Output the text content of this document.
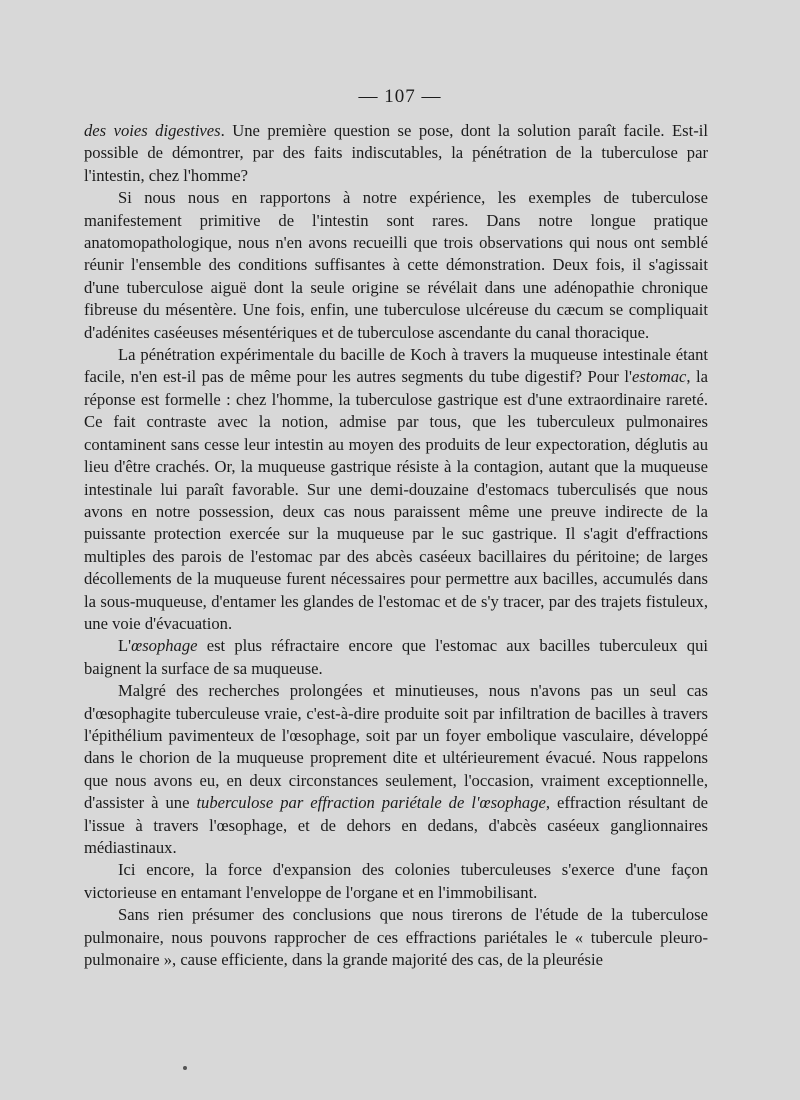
— 107 —

des voies digestives. Une première question se pose, dont la solution paraît facile. Est-il possible de démontrer, par des faits indiscutables, la pénétration de la tuberculose par l'intestin, chez l'homme?

Si nous nous en rapportons à notre expérience, les exemples de tuberculose manifestement primitive de l'intestin sont rares. Dans notre longue pratique anatomopathologique, nous n'en avons recueilli que trois observations qui nous ont semblé réunir l'ensemble des conditions suffisantes à cette démonstration. Deux fois, il s'agissait d'une tuberculose aiguë dont la seule origine se révélait dans une adénopathie chronique fibreuse du mésentère. Une fois, enfin, une tuberculose ulcéreuse du cæcum se compliquait d'adénites caséeuses mésentériques et de tuberculose ascendante du canal thoracique.

La pénétration expérimentale du bacille de Koch à travers la muqueuse intestinale étant facile, n'en est-il pas de même pour les autres segments du tube digestif? Pour l'estomac, la réponse est formelle : chez l'homme, la tuberculose gastrique est d'une extraordinaire rareté. Ce fait contraste avec la notion, admise par tous, que les tuberculeux pulmonaires contaminent sans cesse leur intestin au moyen des produits de leur expectoration, déglutis au lieu d'être crachés. Or, la muqueuse gastrique résiste à la contagion, autant que la muqueuse intestinale lui paraît favorable. Sur une demi-douzaine d'estomacs tuberculisés que nous avons en notre possession, deux cas nous paraissent même une preuve indirecte de la puissante protection exercée sur la muqueuse par le suc gastrique. Il s'agit d'effractions multiples des parois de l'estomac par des abcès caséeux bacillaires du péritoine; de larges décollements de la muqueuse furent nécessaires pour permettre aux bacilles, accumulés dans la sous-muqueuse, d'entamer les glandes de l'estomac et de s'y tracer, par des trajets fistuleux, une voie d'évacuation.

L'œsophage est plus réfractaire encore que l'estomac aux bacilles tuberculeux qui baignent la surface de sa muqueuse.

Malgré des recherches prolongées et minutieuses, nous n'avons pas un seul cas d'œsophagite tuberculeuse vraie, c'est-à-dire produite soit par infiltration de bacilles à travers l'épithélium pavimenteux de l'œsophage, soit par un foyer embolique vasculaire, développé dans le chorion de la muqueuse proprement dite et ultérieurement évacué. Nous rappelons que nous avons eu, en deux circonstances seulement, l'occasion, vraiment exceptionnelle, d'assister à une tuberculose par effraction pariétale de l'œsophage, effraction résultant de l'issue à travers l'œsophage, et de dehors en dedans, d'abcès caséeux ganglionnaires médiastinaux.

Ici encore, la force d'expansion des colonies tuberculeuses s'exerce d'une façon victorieuse en entamant l'enveloppe de l'organe et en l'immobilisant.

Sans rien présumer des conclusions que nous tirerons de l'étude de la tuberculose pulmonaire, nous pouvons rapprocher de ces effractions pariétales le « tubercule pleuro-pulmonaire », cause efficiente, dans la grande majorité des cas, de la pleurésie
